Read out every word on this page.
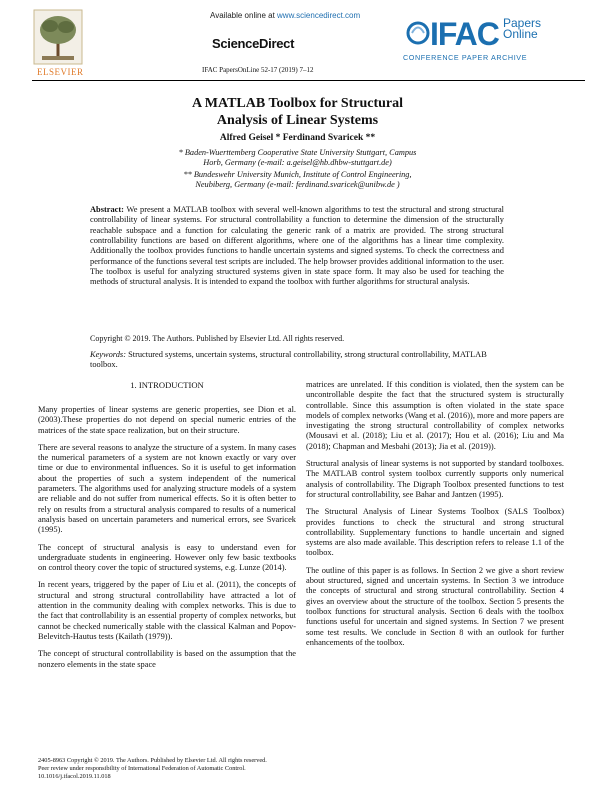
Available online at www.sciencedirect.com
ScienceDirect
IFAC PapersOnLine 52-17 (2019) 7–12
ELSEVIER
IFAC Papers
Online
CONFERENCE PAPER ARCHIVE
A MATLAB Toolbox for Structural
Analysis of Linear Systems
Alfred Geisel * Ferdinand Svaricek **
* Baden-Wuerttemberg Cooperative State University Stuttgart, Campus
Horb, Germany (e-mail: a.geisel@hb.dhbw-stuttgart.de)
** Bundeswehr University Munich, Institute of Control Engineering,
Neubiberg, Germany (e-mail: ferdinand.svaricek@unibw.de )
Abstract: We present a MATLAB toolbox with several well-known algorithms to test the structural and strong structural controllability of linear systems. For structural controllability a function to determine the dimension of the structurally reachable subspace and a function for calculating the generic rank of a matrix are provided. The strong structural controllability functions are based on different algorithms, where one of the algorithms has a linear time complexity. Additionally the toolbox provides functions to handle uncertain systems and signed systems. To check the correctness and performance of the functions several test scripts are included. The help browser provides additional information to the user. The toolbox is useful for analyzing structured systems given in state space form. It may also be used for teaching the methods of structural analysis. It is intended to expand the toolbox with further algorithms for structural analysis.
Copyright © 2019. The Authors. Published by Elsevier Ltd. All rights reserved.
Keywords: Structured systems, uncertain systems, structural controllability, strong structural controllability, MATLAB toolbox.
1. INTRODUCTION

Many properties of linear systems are generic properties, see Dion et al. (2003).These properties do not depend on special numeric entries of the matrices of the state space realization, but on their structure.

There are several reasons to analyze the structure of a system. In many cases the numerical parameters of a system are not known exactly or vary over time or due to environmental influences. So it is useful to get information about the properties of such a system independent of the numerical parameters. The algorithms used for analyzing structure models of a system are reliable and do not suffer from numerical effects. So it is often better to rely on results from a structural analysis compared to results of a numerical analysis based on uncertain parameters and numerical errors, see Svaricek (1995).

The concept of structural analysis is easy to understand even for undergraduate students in engineering. However only few basic textbooks on control theory cover the topic of structured systems, e.g. Lunze (2014).

In recent years, triggered by the paper of Liu et al. (2011), the concepts of structural and strong structural controllability have attracted a lot of attention in the community dealing with complex networks. This is due to the fact that controllability is an essential property of complex networks, but cannot be checked numerically stable with the classical Kalman and Popov-Belevitch-Hautus tests (Kailath (1979)).

The concept of structural controllability is based on the assumption that the nonzero elements in the state space

matrices are unrelated. If this condition is violated, then the system can be uncontrollable despite the fact that the structured system is structurally controllable. Since this assumption is often violated in the state space models of complex networks (Wang et al. (2016)), more and more papers are investigating the strong structural controllability of complex networks (Mousavi et al. (2018); Liu et al. (2017); Hou et al. (2016); Liu and Ma (2018); Chapman and Mesbahi (2013); Jia et al. (2019)).

Structural analysis of linear systems is not supported by standard toolboxes. The MATLAB control system toolbox currently supports only numerical analysis of controllability. The Digraph Toolbox presented functions to test for structural controllability, see Bahar and Jantzen (1995).

The Structural Analysis of Linear Systems Toolbox (SALS Toolbox) provides functions to check the structural and strong structural controllability. Supplementary functions to handle uncertain and signed systems are also made available. This description refers to release 1.1 of the toolbox.

The outline of this paper is as follows. In Section 2 we give a short review about structured, signed and uncertain systems. In Section 3 we introduce the concepts of structural and strong structural controllability. Section 4 gives an overview about the structure of the toolbox. Section 5 presents the toolbox functions for structural analysis. Section 6 deals with the toolbox functions useful for uncertain and signed systems. In Section 7 we present some test results. We conclude in Section 8 with an outlook for further enhancements of the toolbox.

2405-8963 Copyright © 2019. The Authors. Published by Elsevier Ltd. All rights reserved.
Peer review under responsibility of International Federation of Automatic Control.
10.1016/j.ifacol.2019.11.018
